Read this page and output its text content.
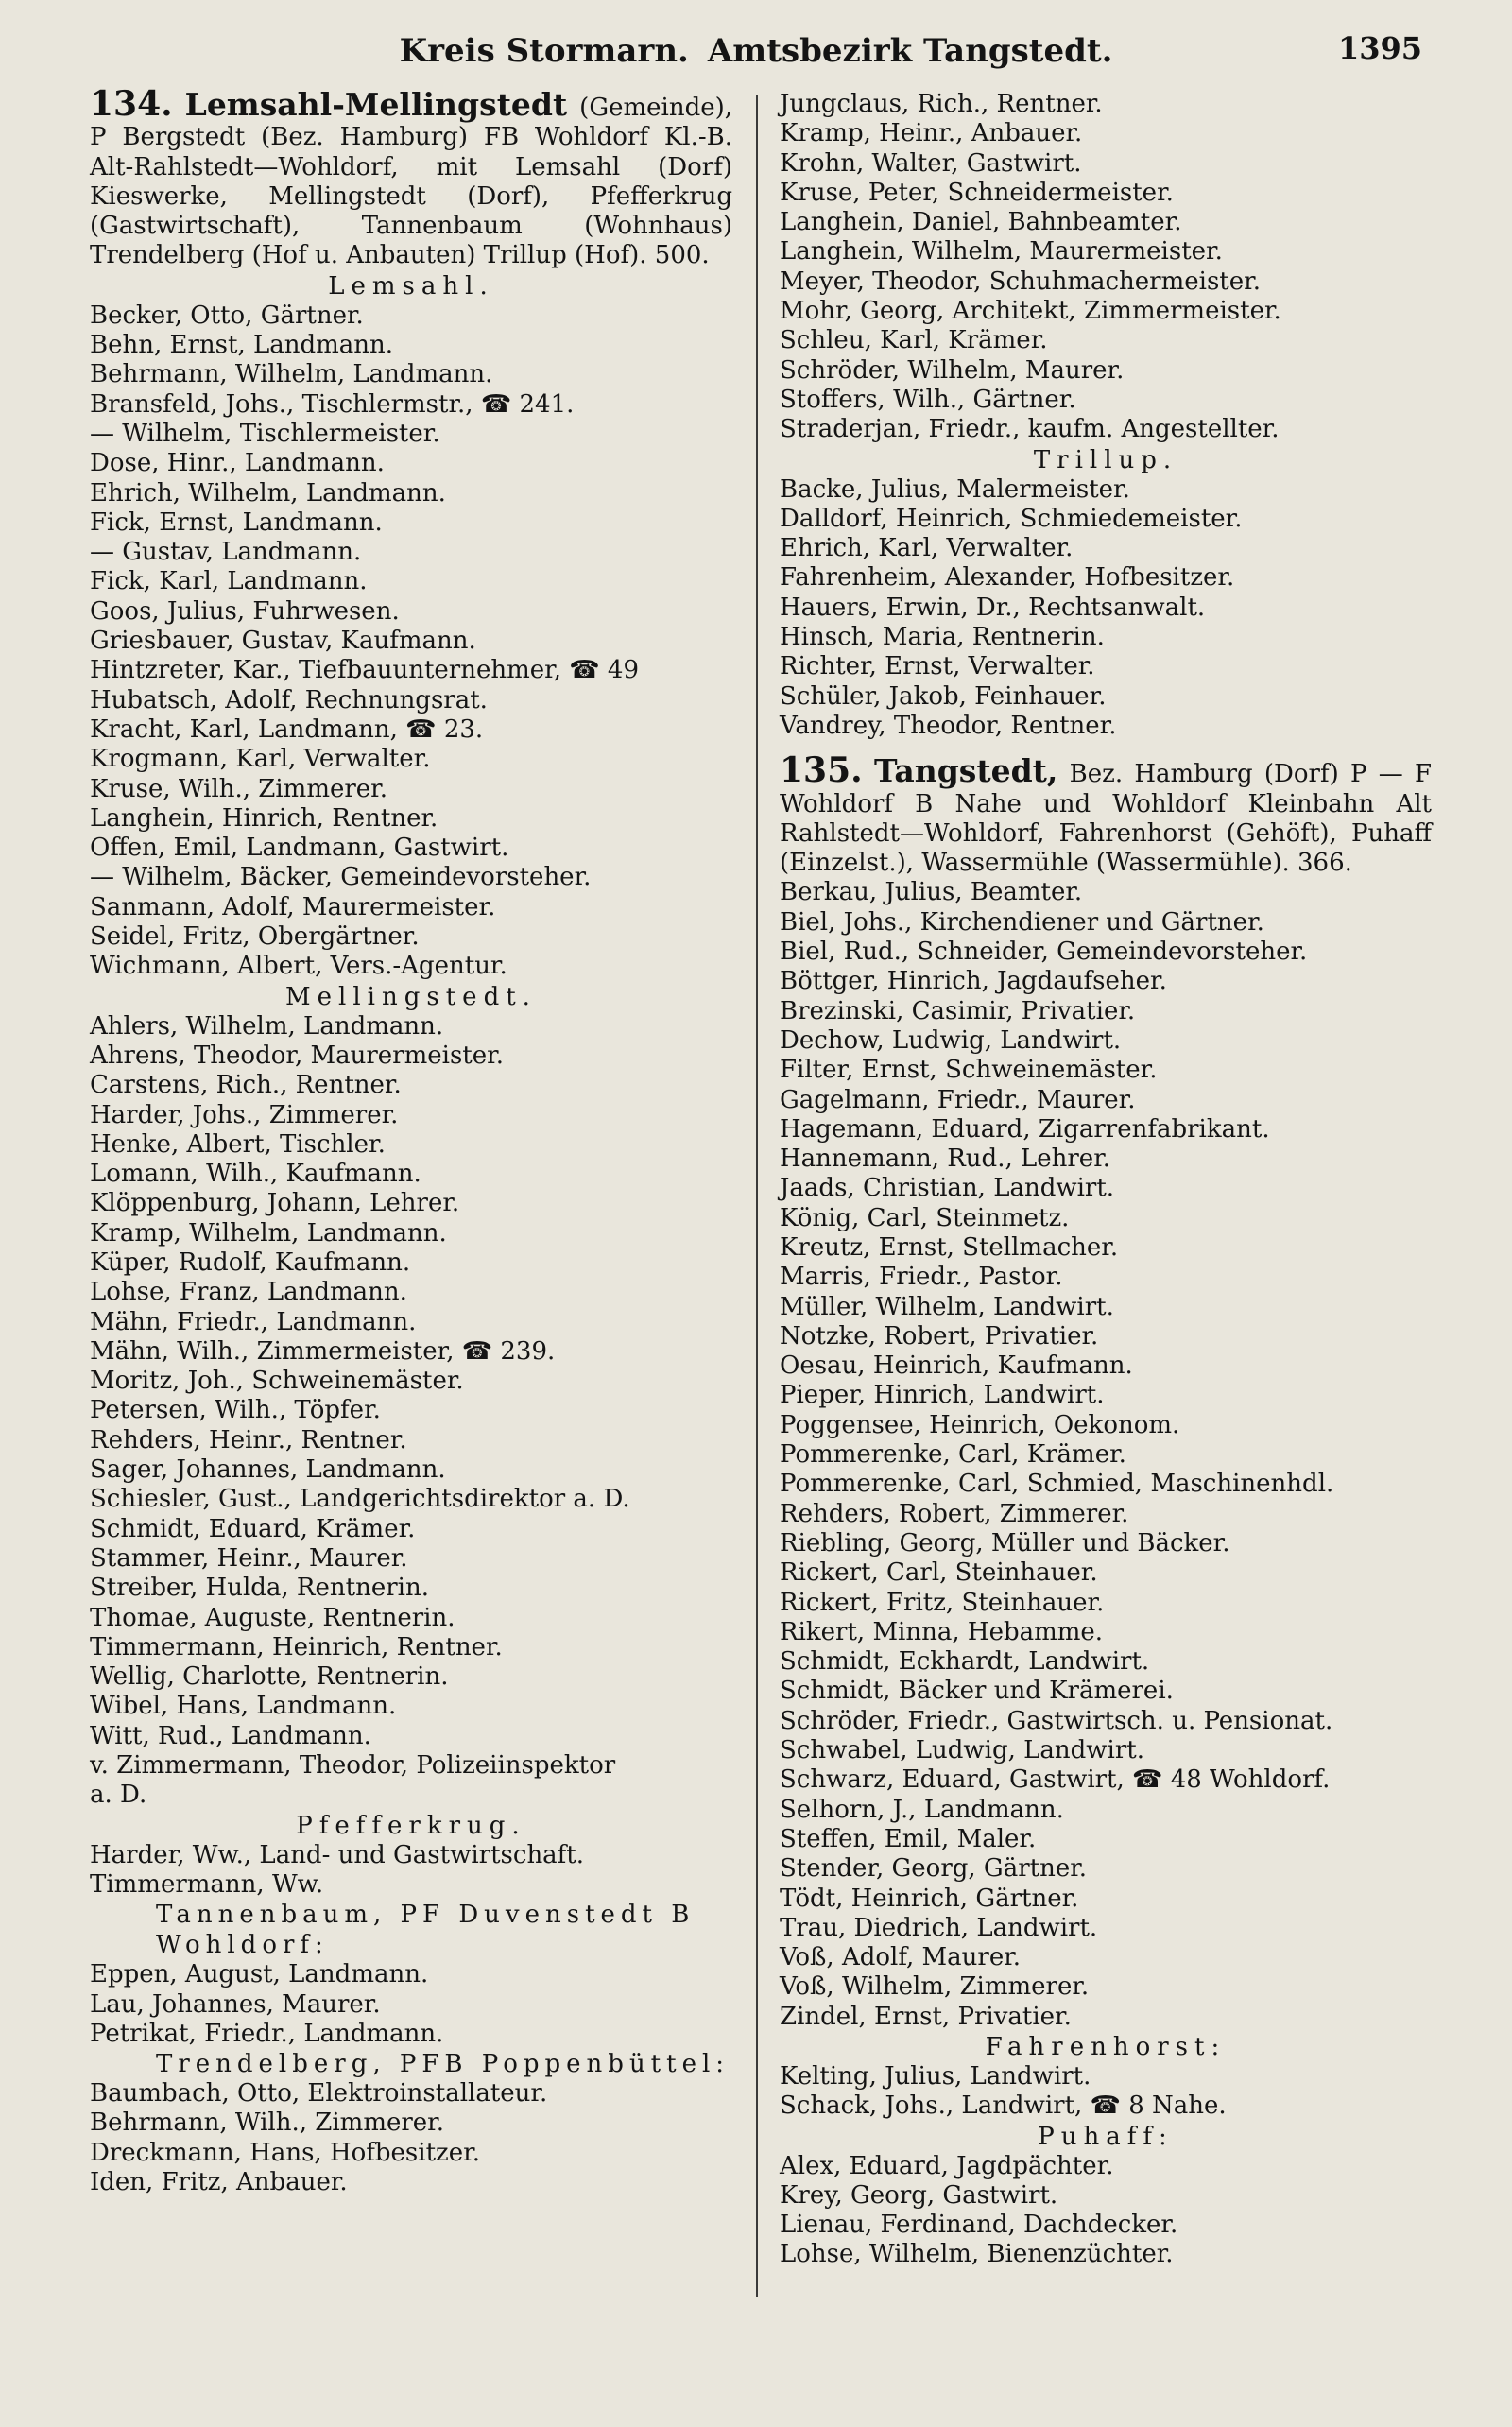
Kreis Stormarn. Amtsbezirk Tangstedt.	1395
134. Lemsahl-Mellingstedt (Gemeinde), P Bergstedt (Bez. Hamburg) FB Wohldorf Kl.-B. Alt-Rahlstedt—Wohldorf, mit Lemsahl (Dorf) Kieswerke, Mellingstedt (Dorf), Pfefferkrug (Gastwirtschaft), Tannenbaum (Wohnhaus) Trendelberg (Hof u. Anbauten) Trillup (Hof). 500.
Lemsahl.
Becker, Otto, Gärtner.
Behn, Ernst, Landmann.
Behrmann, Wilhelm, Landmann.
Bransfeld, Johs., Tischlermstr., ☎ 241.
— Wilhelm, Tischlermeister.
Dose, Hinr., Landmann.
Ehrich, Wilhelm, Landmann.
Fick, Ernst, Landmann.
— Gustav, Landmann.
Fick, Karl, Landmann.
Goos, Julius, Fuhrwesen.
Griesbauer, Gustav, Kaufmann.
Hintzreter, Kar., Tiefbauunternehmer, ☎ 49
Hubatsch, Adolf, Rechnungsrat.
Kracht, Karl, Landmann, ☎ 23.
Krogmann, Karl, Verwalter.
Kruse, Wilh., Zimmerer.
Langhein, Hinrich, Rentner.
Offen, Emil, Landmann, Gastwirt.
— Wilhelm, Bäcker, Gemeindevorsteher.
Sanmann, Adolf, Maurermeister.
Seidel, Fritz, Obergärtner.
Wichmann, Albert, Vers.-Agentur.
Mellingstedt.
Ahlers, Wilhelm, Landmann.
Ahrens, Theodor, Maurermeister.
Carstens, Rich., Rentner.
Harder, Johs., Zimmerer.
Henke, Albert, Tischler.
Lomann, Wilh., Kaufmann.
Klöppenburg, Johann, Lehrer.
Kramp, Wilhelm, Landmann.
Küper, Rudolf, Kaufmann.
Lohse, Franz, Landmann.
Mähn, Friedr., Landmann.
Mähn, Wilh., Zimmermeister, ☎ 239.
Moritz, Joh., Schweinemäster.
Petersen, Wilh., Töpfer.
Rehders, Heinr., Rentner.
Sager, Johannes, Landmann.
Schiesler, Gust., Landgerichtsdirektor a. D.
Schmidt, Eduard, Krämer.
Stammer, Heinr., Maurer.
Streiber, Hulda, Rentnerin.
Thomae, Auguste, Rentnerin.
Timmermann, Heinrich, Rentner.
Wellig, Charlotte, Rentnerin.
Wibel, Hans, Landmann.
Witt, Rud., Landmann.
v. Zimmermann, Theodor, Polizeiinspektor
a. D.
Pfefferkrug.
Harder, Ww., Land- und Gastwirtschaft.
Timmermann, Ww.
Tannenbaum, PF Duvenstedt B Wohldorf:
Eppen, August, Landmann.
Lau, Johannes, Maurer.
Petrikat, Friedr., Landmann.
Trendelberg, PFB Poppenbüttel:
Baumbach, Otto, Elektroinstallateur.
Behrmann, Wilh., Zimmerer.
Dreckmann, Hans, Hofbesitzer.
Iden, Fritz, Anbauer.
Jungclaus, Rich., Rentner.
Kramp, Heinr., Anbauer.
Krohn, Walter, Gastwirt.
Kruse, Peter, Schneidermeister.
Langhein, Daniel, Bahnbeamter.
Langhein, Wilhelm, Maurermeister.
Meyer, Theodor, Schuhmachermeister.
Mohr, Georg, Architekt, Zimmermeister.
Schleu, Karl, Krämer.
Schröder, Wilhelm, Maurer.
Stoffers, Wilh., Gärtner.
Straderjan, Friedr., kaufm. Angestellter.
Trillup.
Backe, Julius, Malermeister.
Dalldorf, Heinrich, Schmiedemeister.
Ehrich, Karl, Verwalter.
Fahrenheim, Alexander, Hofbesitzer.
Hauers, Erwin, Dr., Rechtsanwalt.
Hinsch, Maria, Rentnerin.
Richter, Ernst, Verwalter.
Schüler, Jakob, Feinhauer.
Vandrey, Theodor, Rentner.
135. Tangstedt, Bez. Hamburg (Dorf) P — F Wohldorf B Nahe und Wohldorf Kleinbahn Alt Rahlstedt—Wohldorf, Fahrenhorst (Gehöft), Puhaff (Einzelst.), Wassermühle (Wassermühle). 366.
Berkau, Julius, Beamter.
Biel, Johs., Kirchendiener und Gärtner.
Biel, Rud., Schneider, Gemeindevorsteher.
Böttger, Hinrich, Jagdaufseher.
Brezinski, Casimir, Privatier.
Dechow, Ludwig, Landwirt.
Filter, Ernst, Schweinemäster.
Gagelmann, Friedr., Maurer.
Hagemann, Eduard, Zigarrenfabrikant.
Hannemann, Rud., Lehrer.
Jaads, Christian, Landwirt.
König, Carl, Steinmetz.
Kreutz, Ernst, Stellmacher.
Marris, Friedr., Pastor.
Müller, Wilhelm, Landwirt.
Notzke, Robert, Privatier.
Oesau, Heinrich, Kaufmann.
Pieper, Hinrich, Landwirt.
Poggensee, Heinrich, Oekonom.
Pommerenke, Carl, Krämer.
Pommerenke, Carl, Schmied, Maschinenhdl.
Rehders, Robert, Zimmerer.
Riebling, Georg, Müller und Bäcker.
Rickert, Carl, Steinhauer.
Rickert, Fritz, Steinhauer.
Rikert, Minna, Hebamme.
Schmidt, Eckhardt, Landwirt.
Schmidt, Bäcker und Krämerei.
Schröder, Friedr., Gastwirtsch. u. Pensionat.
Schwabel, Ludwig, Landwirt.
Schwarz, Eduard, Gastwirt, ☎ 48 Wohldorf.
Selhorn, J., Landmann.
Steffen, Emil, Maler.
Stender, Georg, Gärtner.
Tödt, Heinrich, Gärtner.
Trau, Diedrich, Landwirt.
Voß, Adolf, Maurer.
Voß, Wilhelm, Zimmerer.
Zindel, Ernst, Privatier.
Fahrenhorst:
Kelting, Julius, Landwirt.
Schack, Johs., Landwirt, ☎ 8 Nahe.
Puhaff:
Alex, Eduard, Jagdpächter.
Krey, Georg, Gastwirt.
Lienau, Ferdinand, Dachdecker.
Lohse, Wilhelm, Bienenzüchter.
